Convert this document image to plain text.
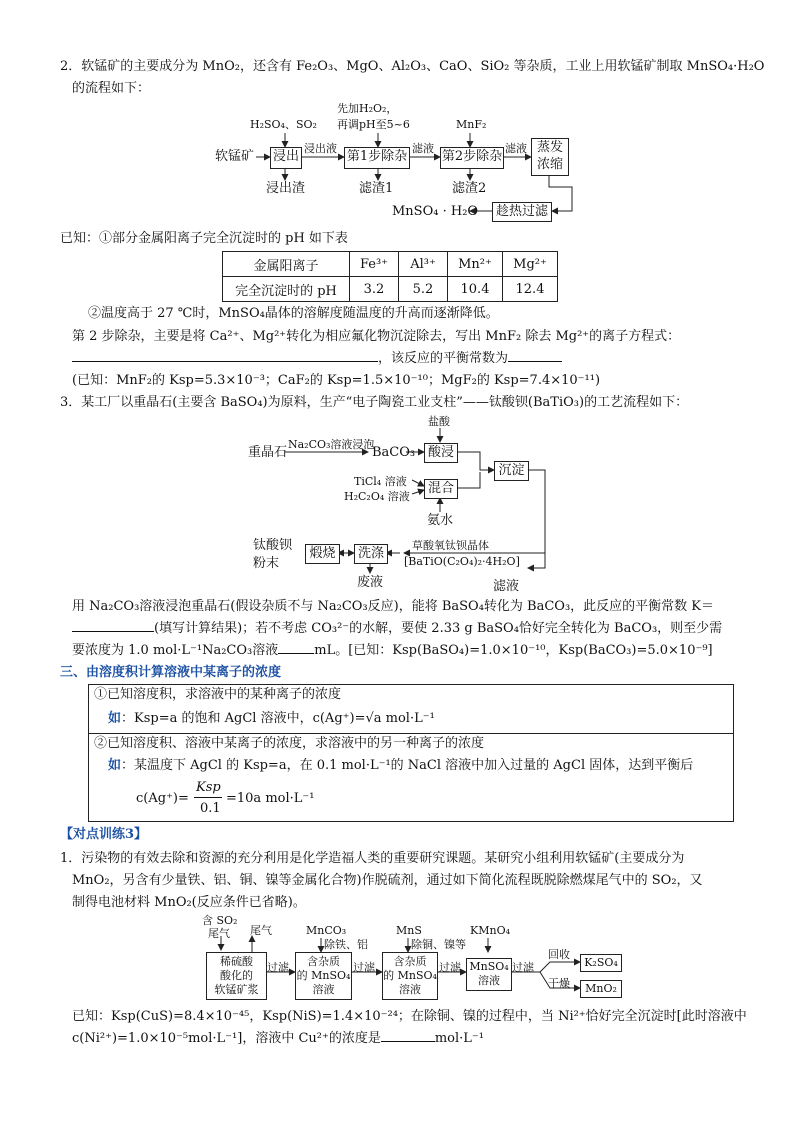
2．软锰矿的主要成分为 MnO₂，还含有 Fe₂O₃、MgO、Al₂O₃、CaO、SiO₂ 等杂质，工业上用软锰矿制取 MnSO₄·H₂O
的流程如下：
H₂SO₄、SO₂
先加H₂O₂，
再调pH至5~6	MnF₂
软锰矿 浸出
浸出液
第1步除杂
滤液
第2步除杂
滤液 蒸发
浓缩
浸出渣	滤渣1	滤渣2
趁热过滤
MnSO₄ · H₂O
已知：①部分金属阳离子完全沉淀时的 pH 如下表
金属阳离子	Fe³⁺	Al³⁺	Mn²⁺	Mg²⁺
完全沉淀时的 pH	3.2	5.2	10.4	12.4
②温度高于 27 ℃时，MnSO₄晶体的溶解度随温度的升高而逐渐降低。
第 2 步除杂，主要是将 Ca²⁺、Mg²⁺转化为相应氟化物沉淀除去，写出 MnF₂ 除去 Mg²⁺的离子方程式：
，该反应的平衡常数为
(已知：MnF₂的 Ksp=5.3×10⁻³；CaF₂的 Ksp=1.5×10⁻¹⁰；MgF₂的 Ksp=7.4×10⁻¹¹)
3．某工厂以重晶石(主要含 BaSO₄)为原料，生产“电子陶瓷工业支柱”——钛酸钡(BaTiO₃)的工艺流程如下：
重晶石
Na₂CO₃溶液浸泡
BaCO₃
盐酸
酸浸
TiCl₄ 溶液
H₂C₂O₄ 溶液
混合
氨水
沉淀
草酸氧钛钡晶体
[BaTiO(C₂O₄)₂·4H₂O]
洗涤
煅烧
钛酸钡
粉末
废液	滤液
用 Na₂CO₃溶液浸泡重晶石(假设杂质不与 Na₂CO₃反应)，能将 BaSO₄转化为 BaCO₃，此反应的平衡常数 K＝
(填写计算结果)；若不考虑 CO₃²⁻的水解，要使 2.33 g BaSO₄恰好完全转化为 BaCO₃，则至少需
要浓度为 1.0 mol·L⁻¹Na₂CO₃溶液	mL。[已知：Ksp(BaSO₄)=1.0×10⁻¹⁰，Ksp(BaCO₃)=5.0×10⁻⁹]
三、由溶度积计算溶液中某离子的浓度
①已知溶度积，求溶液中的某种离子的浓度
如：Ksp=a 的饱和 AgCl 溶液中，c(Ag⁺)=√a mol·L⁻¹
②已知溶度积、溶液中某离子的浓度，求溶液中的另一种离子的浓度
如：某温度下 AgCl 的 Ksp=a，在 0.1 mol·L⁻¹的 NaCl 溶液中加入过量的 AgCl 固体，达到平衡后
c(Ag⁺)=
Ksp
0.1
=10a mol·L⁻¹
【对点训练3】
1．污染物的有效去除和资源的充分利用是化学造福人类的重要研究课题。某研究小组利用软锰矿(主要成分为
MnO₂，另含有少量铁、铝、铜、镍等金属化合物)作脱硫剂，通过如下简化流程既脱除燃煤尾气中的 SO₂，又
制得电池材料 MnO₂(反应条件已省略)。
含 SO₂
尾气 尾气	MnCO₃
除铁、铝
MnS
除铜、镍等
KMnO₄
稀硫酸
酸化的
软锰矿浆
过滤	含杂质
的 MnSO₄
溶液
过滤	含杂质
的 MnSO₄
溶液
过滤 MnSO₄
溶液
过滤
回收
干燥
K₂SO₄
MnO₂
已知：Ksp(CuS)=8.4×10⁻⁴⁵，Ksp(NiS)=1.4×10⁻²⁴；在除铜、镍的过程中，当 Ni²⁺恰好完全沉淀时[此时溶液中
c(Ni²⁺)=1.0×10⁻⁵mol·L⁻¹]，溶液中 Cu²⁺的浓度是	mol·L⁻¹
